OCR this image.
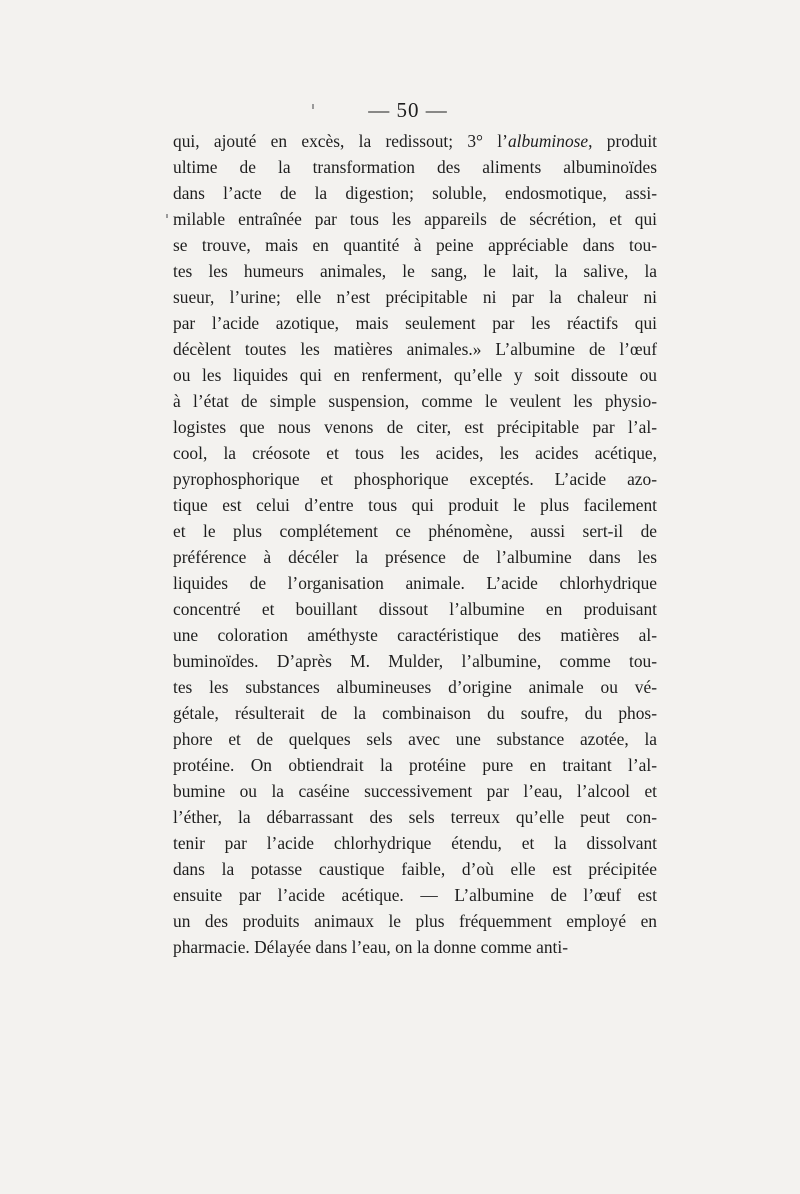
— 50 —
qui, ajouté en excès, la redissout; 3° l’albuminose, produit
ultime de la transformation des aliments albuminoïdes
dans l’acte de la digestion; soluble, endosmotique, assi-
milable entraînée par tous les appareils de sécrétion, et qui
se trouve, mais en quantité à peine appréciable dans tou-
tes les humeurs animales, le sang, le lait, la salive, la
sueur, l’urine; elle n’est précipitable ni par la chaleur ni
par l’acide azotique, mais seulement par les réactifs qui
décèlent toutes les matières animales.» L’albumine de l’œuf
ou les liquides qui en renferment, qu’elle y soit dissoute ou
à l’état de simple suspension, comme le veulent les physio-
logistes que nous venons de citer, est précipitable par l’al-
cool, la créosote et tous les acides, les acides acétique,
pyrophosphorique et phosphorique exceptés. L’acide azo-
tique est celui d’entre tous qui produit le plus facilement
et le plus complétement ce phénomène, aussi sert-il de
préférence à décéler la présence de l’albumine dans les
liquides de l’organisation animale. L’acide chlorhydrique
concentré et bouillant dissout l’albumine en produisant
une coloration améthyste caractéristique des matières al-
buminoïdes. D’après M. Mulder, l’albumine, comme tou-
tes les substances albumineuses d’origine animale ou vé-
gétale, résulterait de la combinaison du soufre, du phos-
phore et de quelques sels avec une substance azotée, la
protéine. On obtiendrait la protéine pure en traitant l’al-
bumine ou la caséine successivement par l’eau, l’alcool et
l’éther, la débarrassant des sels terreux qu’elle peut con-
tenir par l’acide chlorhydrique étendu, et la dissolvant
dans la potasse caustique faible, d’où elle est précipitée
ensuite par l’acide acétique. — L’albumine de l’œuf est
un des produits animaux le plus fréquemment employé en
pharmacie. Délayée dans l’eau, on la donne comme anti-
